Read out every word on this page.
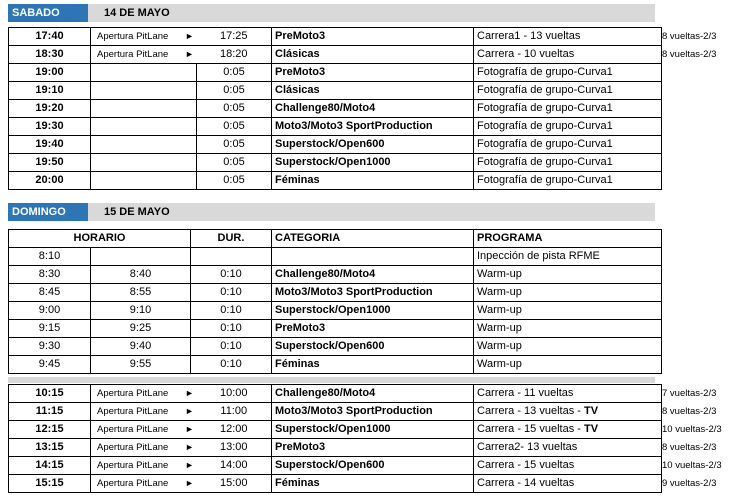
SABADO	14 DE MAYO
17:40	Apertura PitLane	►	17:25	PreMoto3	Carrera1 - 13 vueltas	8 vueltas-2/3
18:30	Apertura PitLane	►	18:20	Clásicas	Carrera - 10 vueltas	8 vueltas-2/3
19:00			0:05	PreMoto3	Fotografía de grupo-Curva1	
19:10			0:05	Clásicas	Fotografía de grupo-Curva1	
19:20			0:05	Challenge80/Moto4	Fotografía de grupo-Curva1	
19:30			0:05	Moto3/Moto3 SportProduction	Fotografía de grupo-Curva1	
19:40			0:05	Superstock/Open600	Fotografía de grupo-Curva1	
19:50			0:05	Superstock/Open1000	Fotografía de grupo-Curva1	
20:00			0:05	Féminas	Fotografía de grupo-Curva1	
DOMINGO	15 DE MAYO
HORARIO		DUR.	CATEGORIA	PROGRAMA
8:10				Inpección de pista RFME
8:30	8:40	0:10	Challenge80/Moto4	Warm-up
8:45	8:55	0:10	Moto3/Moto3 SportProduction	Warm-up
9:00	9:10	0:10	Superstock/Open1000	Warm-up
9:15	9:25	0:10	PreMoto3	Warm-up
9:30	9:40	0:10	Superstock/Open600	Warm-up
9:45	9:55	0:10	Féminas	Warm-up
10:15	Apertura PitLane	►	10:00	Challenge80/Moto4	Carrera - 11 vueltas	7 vueltas-2/3
11:15	Apertura PitLane	►	11:00	Moto3/Moto3 SportProduction	Carrera - 13 vueltas - TV	8 vueltas-2/3
12:15	Apertura PitLane	►	12:00	Superstock/Open1000	Carrera - 15 vueltas - TV	10 vueltas-2/3
13:15	Apertura PitLane	►	13:00	PreMoto3	Carrera2- 13 vueltas	8 vueltas-2/3
14:15	Apertura PitLane	►	14:00	Superstock/Open600	Carrera - 15 vueltas	10 vueltas-2/3
15:15	Apertura PitLane	►	15:00	Féminas	Carrera - 14 vueltas	9 vueltas-2/3
